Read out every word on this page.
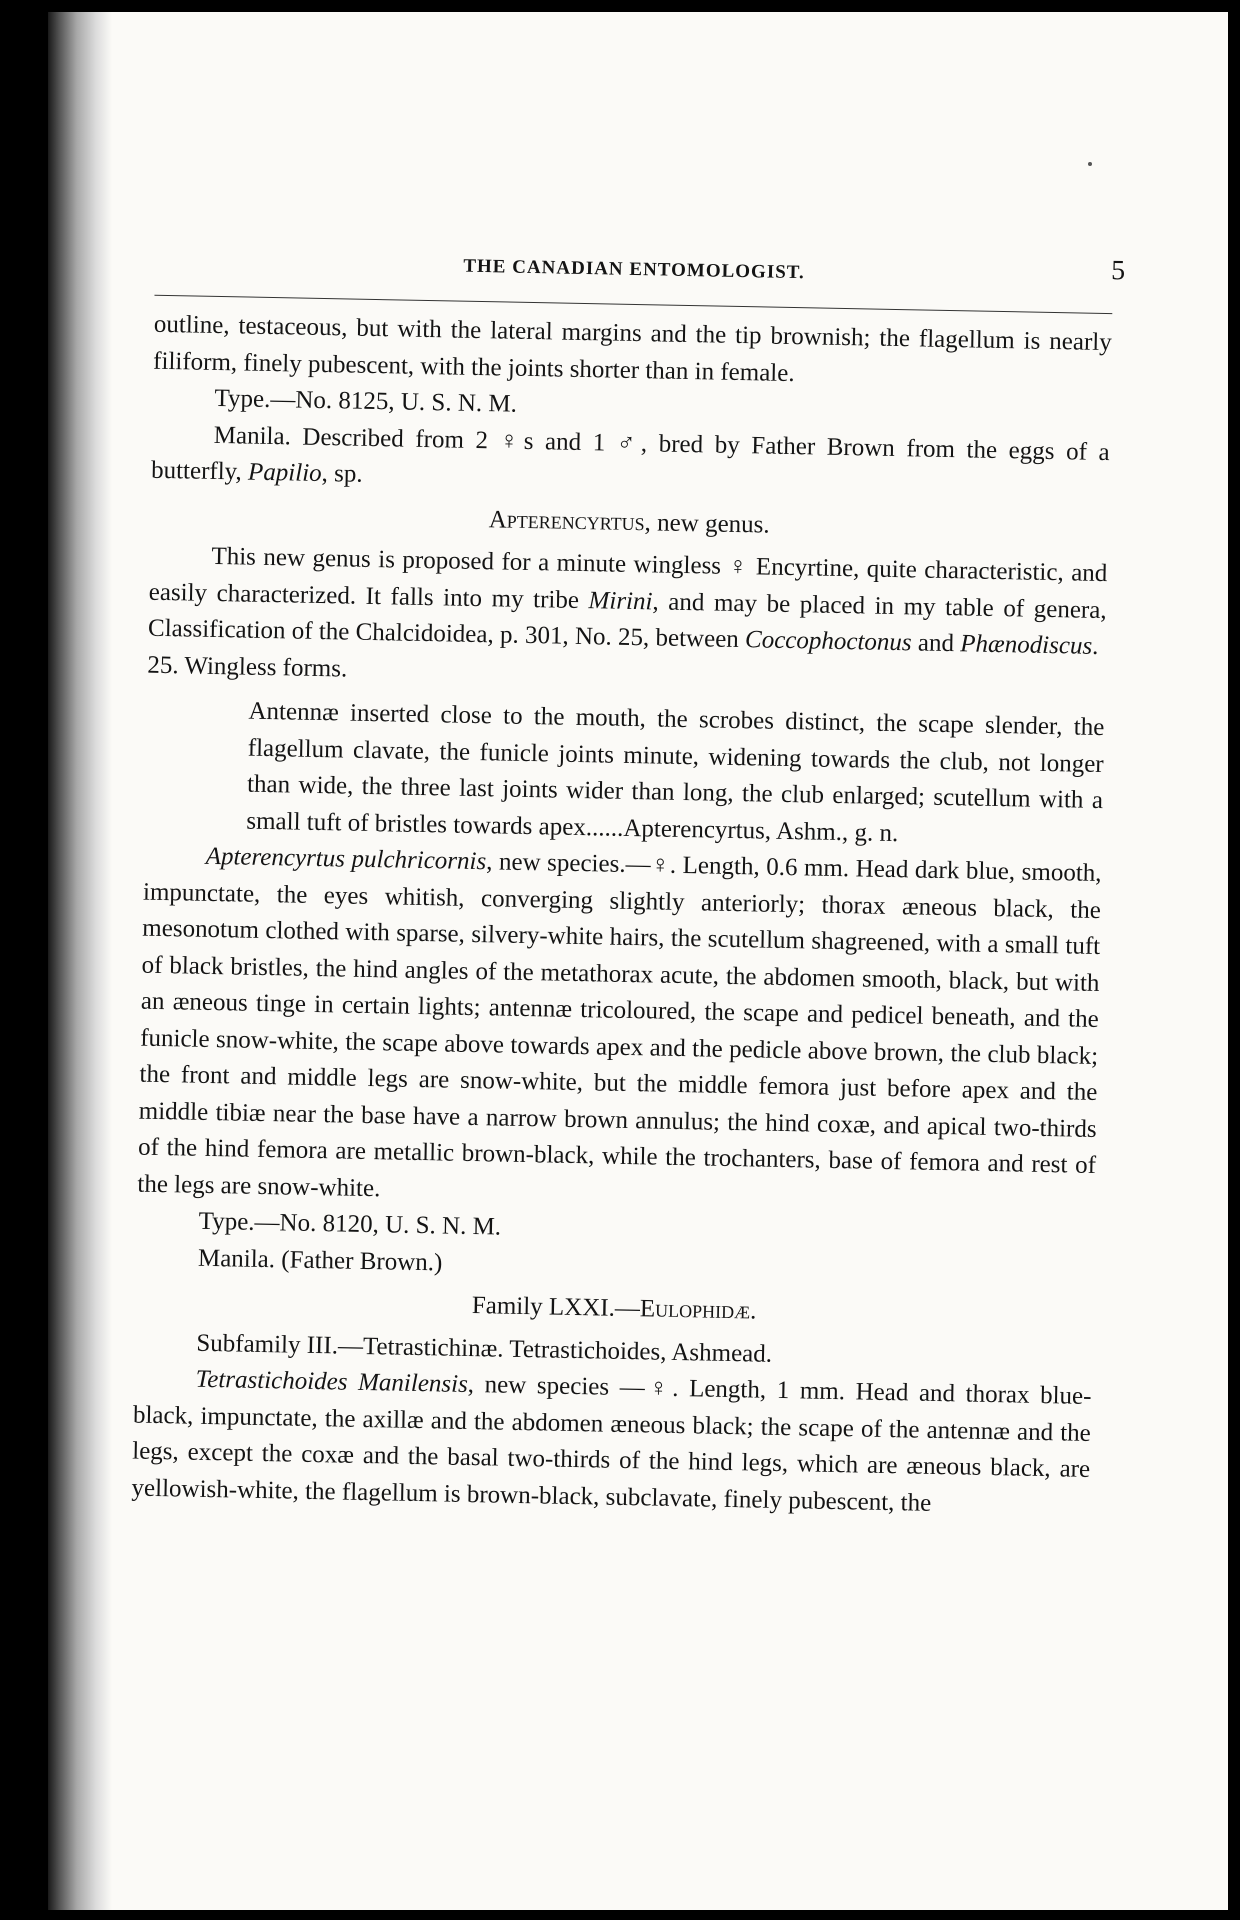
THE CANADIAN ENTOMOLOGIST.	5

outline, testaceous, but with the lateral margins and the tip brownish; the flagellum is nearly filiform, finely pubescent, with the joints shorter than in female.

Type.—No. 8125, U. S. N. M.

Manila. Described from 2 ♀s and 1 ♂, bred by Father Brown from the eggs of a butterfly, Papilio, sp.

Apterencyrtus, new genus.

This new genus is proposed for a minute wingless ♀ Encyrtine, quite characteristic, and easily characterized. It falls into my tribe Mirini, and may be placed in my table of genera, Classification of the Chalcidoidea, p. 301, No. 25, between Coccophoctonus and Phænodiscus.

25. Wingless forms.

Antennæ inserted close to the mouth, the scrobes distinct, the scape slender, the flagellum clavate, the funicle joints minute, widening towards the club, not longer than wide, the three last joints wider than long, the club enlarged; scutellum with a small tuft of bristles towards apex......Apterencyrtus, Ashm., g. n.

Apterencyrtus pulchricornis, new species.—♀. Length, 0.6 mm. Head dark blue, smooth, impunctate, the eyes whitish, converging slightly anteriorly; thorax æneous black, the mesonotum clothed with sparse, silvery-white hairs, the scutellum shagreened, with a small tuft of black bristles, the hind angles of the metathorax acute, the abdomen smooth, black, but with an æneous tinge in certain lights; antennæ tricoloured, the scape and pedicel beneath, and the funicle snow-white, the scape above towards apex and the pedicle above brown, the club black; the front and middle legs are snow-white, but the middle femora just before apex and the middle tibiæ near the base have a narrow brown annulus; the hind coxæ, and apical two-thirds of the hind femora are metallic brown-black, while the trochanters, base of femora and rest of the legs are snow-white.

Type.—No. 8120, U. S. N. M.

Manila. (Father Brown.)

Family LXXI.—Eulophidæ.

Subfamily III.—Tetrastichinæ. Tetrastichoides, Ashmead.

Tetrastichoides Manilensis, new species —♀. Length, 1 mm. Head and thorax blue-black, impunctate, the axillæ and the abdomen æneous black; the scape of the antennæ and the legs, except the coxæ and the basal two-thirds of the hind legs, which are æneous black, are yellowish-white, the flagellum is brown-black, subclavate, finely pubescent, the
